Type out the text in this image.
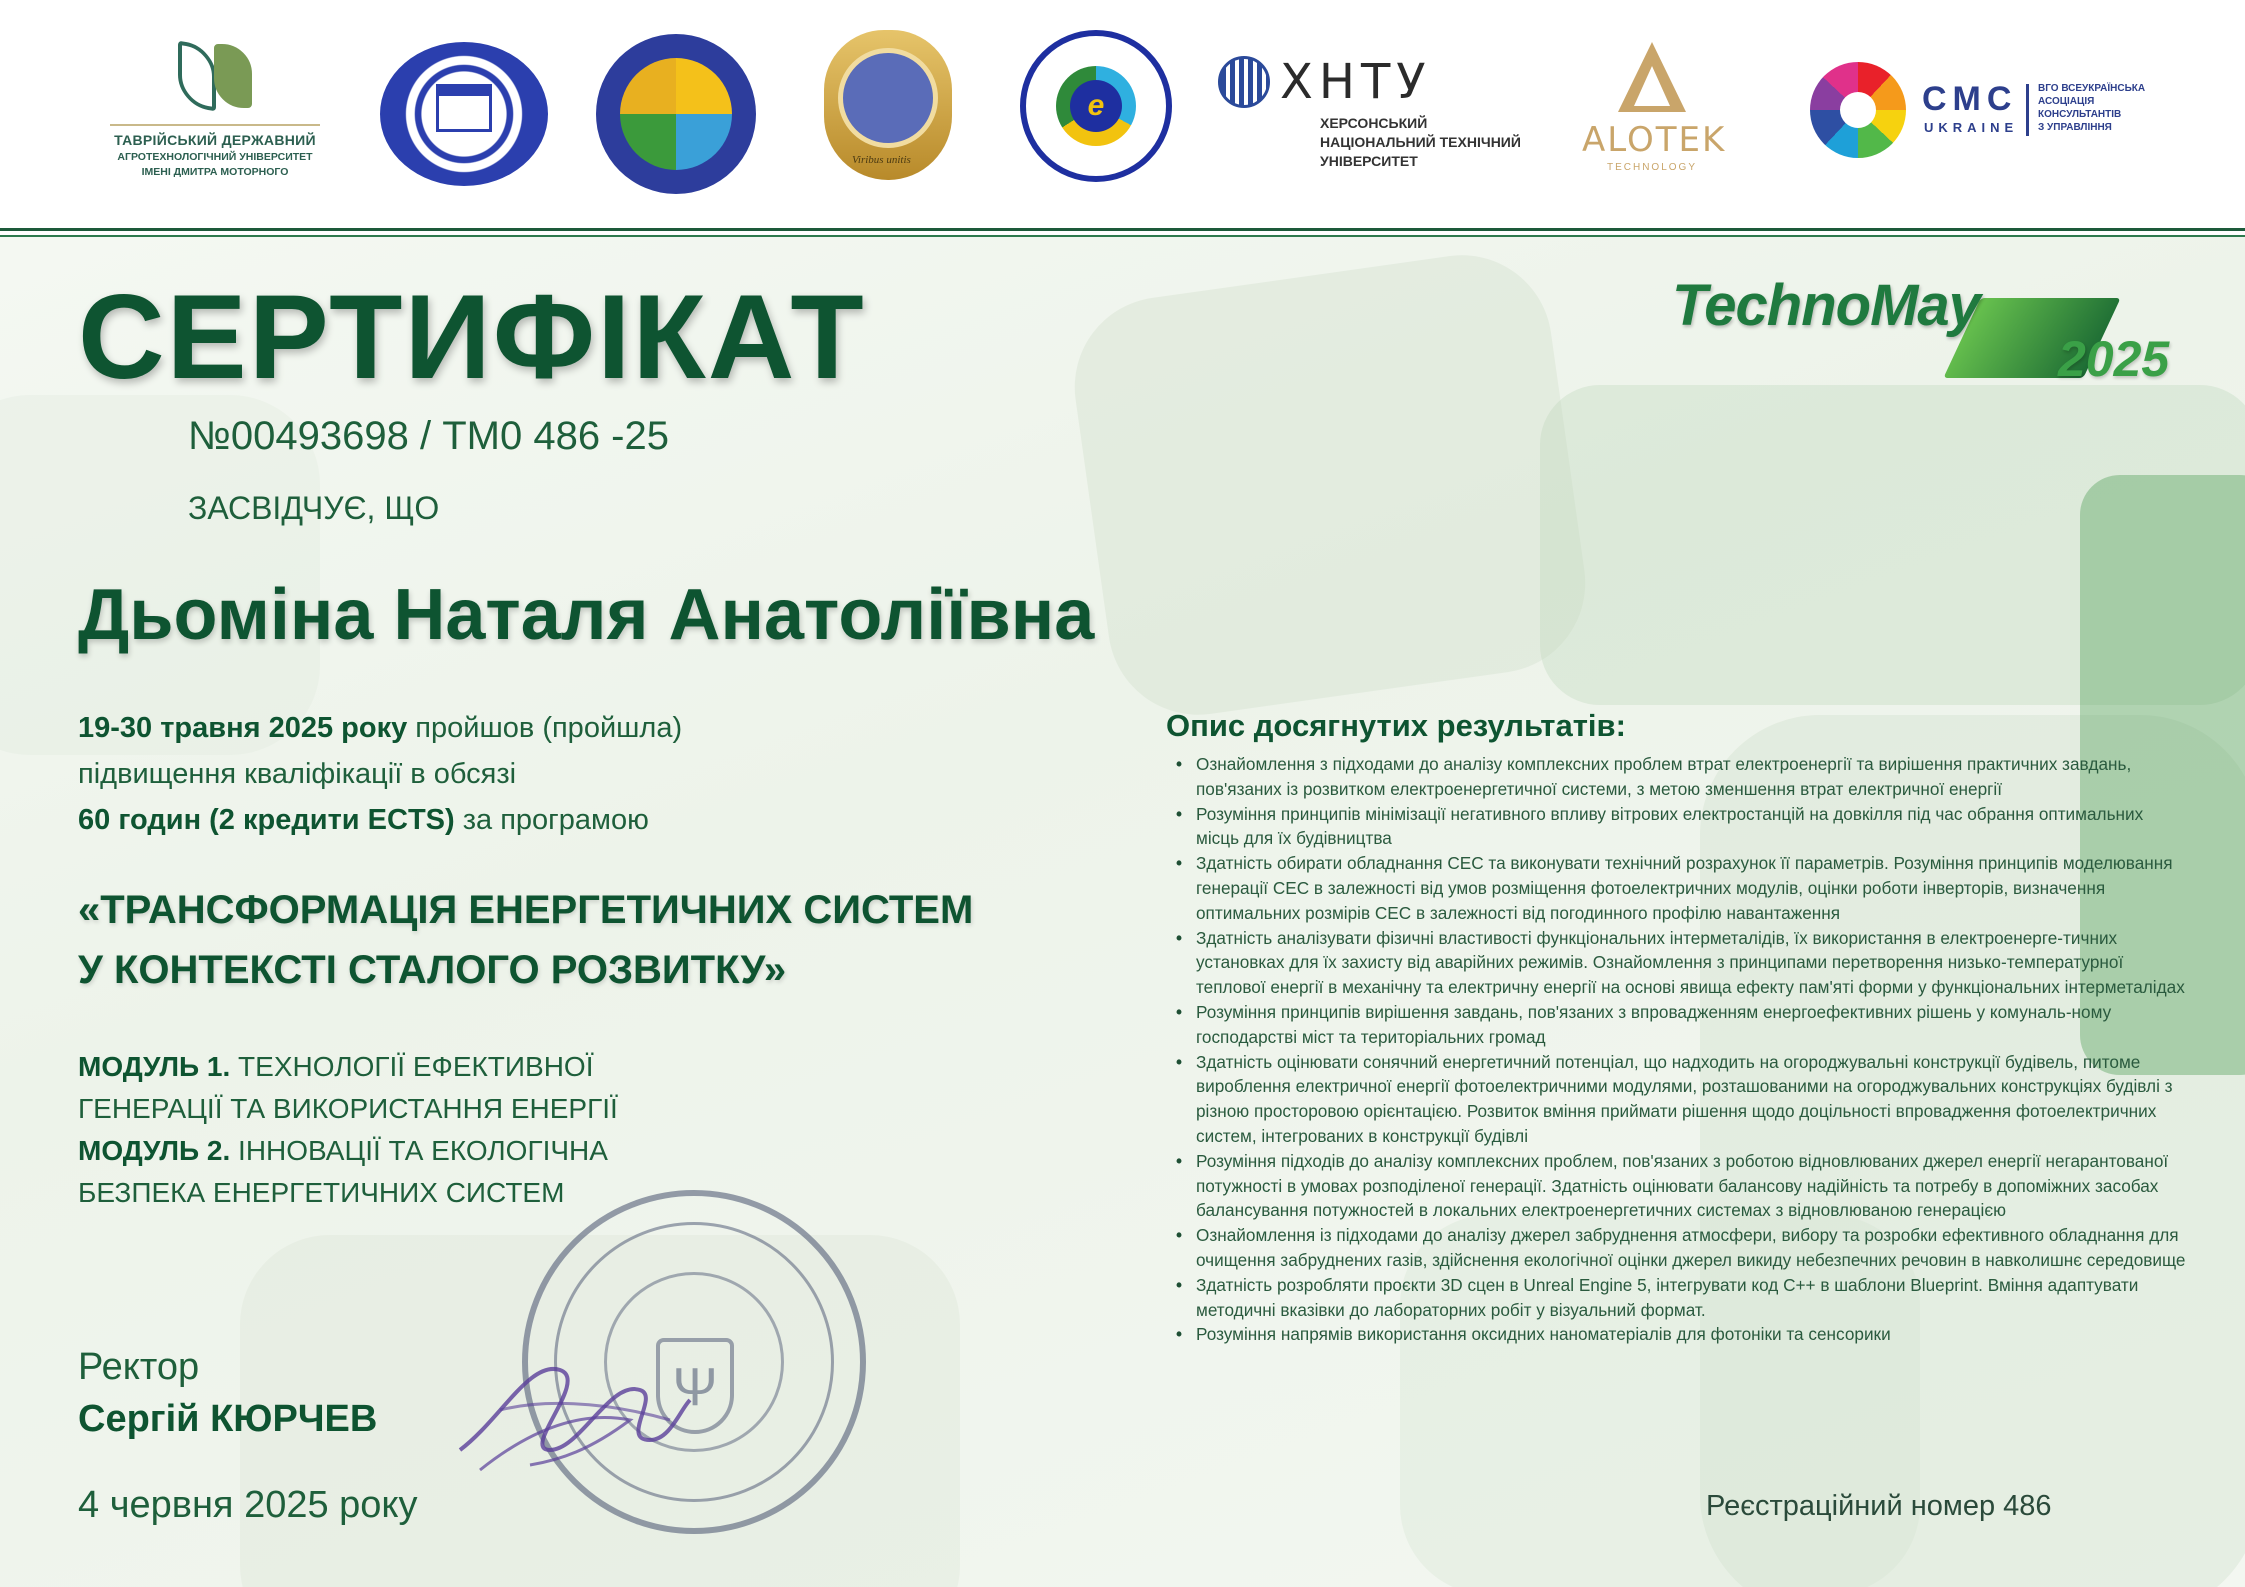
ТАВРІЙСЬКИЙ ДЕРЖАВНИЙ
АГРОТЕХНОЛОГІЧНИЙ УНІВЕРСИТЕТ
ІМЕНІ ДМИТРА МОТОРНОГО
Viribus unitis
e	ХНТУ
ХЕРСОНСЬКИЙ
НАЦІОНАЛЬНИЙ ТЕХНІЧНИЙ
УНІВЕРСИТЕТ
ALOTEK
TECHNOLOGY
CMC
UKRAINE
ВГО ВСЕУКРАЇНСЬКА
АСОЦІАЦІЯ
КОНСУЛЬТАНТІВ
З УПРАВЛІННЯ
TechnoMay
2025
СЕРТИФІКАТ
№00493698 / ТМ0 486 -25
ЗАСВІДЧУЄ, ЩО
Дьоміна Наталя Анатоліївна
19-30 травня 2025 року пройшов (пройшла)
підвищення кваліфікації в обсязі
60 годин (2 кредити ECTS) за програмою
«ТРАНСФОРМАЦІЯ ЕНЕРГЕТИЧНИХ СИСТЕМ
У КОНТЕКСТІ СТАЛОГО РОЗВИТКУ»
МОДУЛЬ 1. ТЕХНОЛОГІЇ ЕФЕКТИВНОЇ
ГЕНЕРАЦІЇ ТА ВИКОРИСТАННЯ ЕНЕРГІЇ
МОДУЛЬ 2. ІННОВАЦІЇ ТА ЕКОЛОГІЧНА
БЕЗПЕКА ЕНЕРГЕТИЧНИХ СИСТЕМ
Ψ
Ректор
Сергій КЮРЧЕВ
4 червня 2025 року
Опис досягнутих результатів:
• Ознайомлення з підходами до аналізу комплексних проблем втрат електроенергії та вирішення практичних завдань, пов'язаних із розвитком електроенергетичної системи, з метою зменшення втрат електричної енергії
• Розуміння принципів мінімізації негативного впливу вітрових електростанцій на довкілля під час обрання оптимальних місць для їх будівництва
• Здатність обирати обладнання СЕС та виконувати технічний розрахунок її параметрів. Розуміння принципів моделювання генерації СЕС в залежності від умов розміщення фотоелектричних модулів, оцінки роботи інверторів, визначення оптимальних розмірів СЕС в залежності від погодинного профілю навантаження
• Здатність аналізувати фізичні властивості функціональних інтерметалідів, їх використання в електроенерге-тичних установках для їх захисту від аварійних режимів. Ознайомлення з принципами перетворення низько-температурної теплової енергії в механічну та електричну енергії на основі явища ефекту пам'яті форми у функціональних інтерметалідах
• Розуміння принципів вирішення завдань, пов'язаних з впровадженням енергоефективних рішень у комуналь-ному господарстві міст та територіальних громад
• Здатність оцінювати сонячний енергетичний потенціал, що надходить на огороджувальні конструкції будівель, питоме вироблення електричної енергії фотоелектричними модулями, розташованими на огороджувальних конструкціях будівлі з різною просторовою орієнтацією. Розвиток вміння приймати рішення щодо доцільності впровадження фотоелектричних систем, інтегрованих в конструкції будівлі
• Розуміння підходів до аналізу комплексних проблем, пов'язаних з роботою відновлюваних джерел енергії негарантованої потужності в умовах розподіленої генерації. Здатність оцінювати балансову надійність та потребу в допоміжних засобах балансування потужностей в локальних електроенергетичних системах з відновлюваною генерацією
• Ознайомлення із підходами до аналізу джерел забруднення атмосфери, вибору та розробки ефективного обладнання для очищення забруднених газів, здійснення екологічної оцінки джерел викиду небезпечних речовин в навколишнє середовище
• Здатність розробляти проєкти 3D сцен в Unreal Engine 5, інтегрувати код С++ в шаблони Blueprint. Вміння адаптувати методичні вказівки до лабораторних робіт у візуальний формат.
• Розуміння напрямів використання оксидних наноматеріалів для фотоніки та сенсорики
Реєстраційний номер 486
